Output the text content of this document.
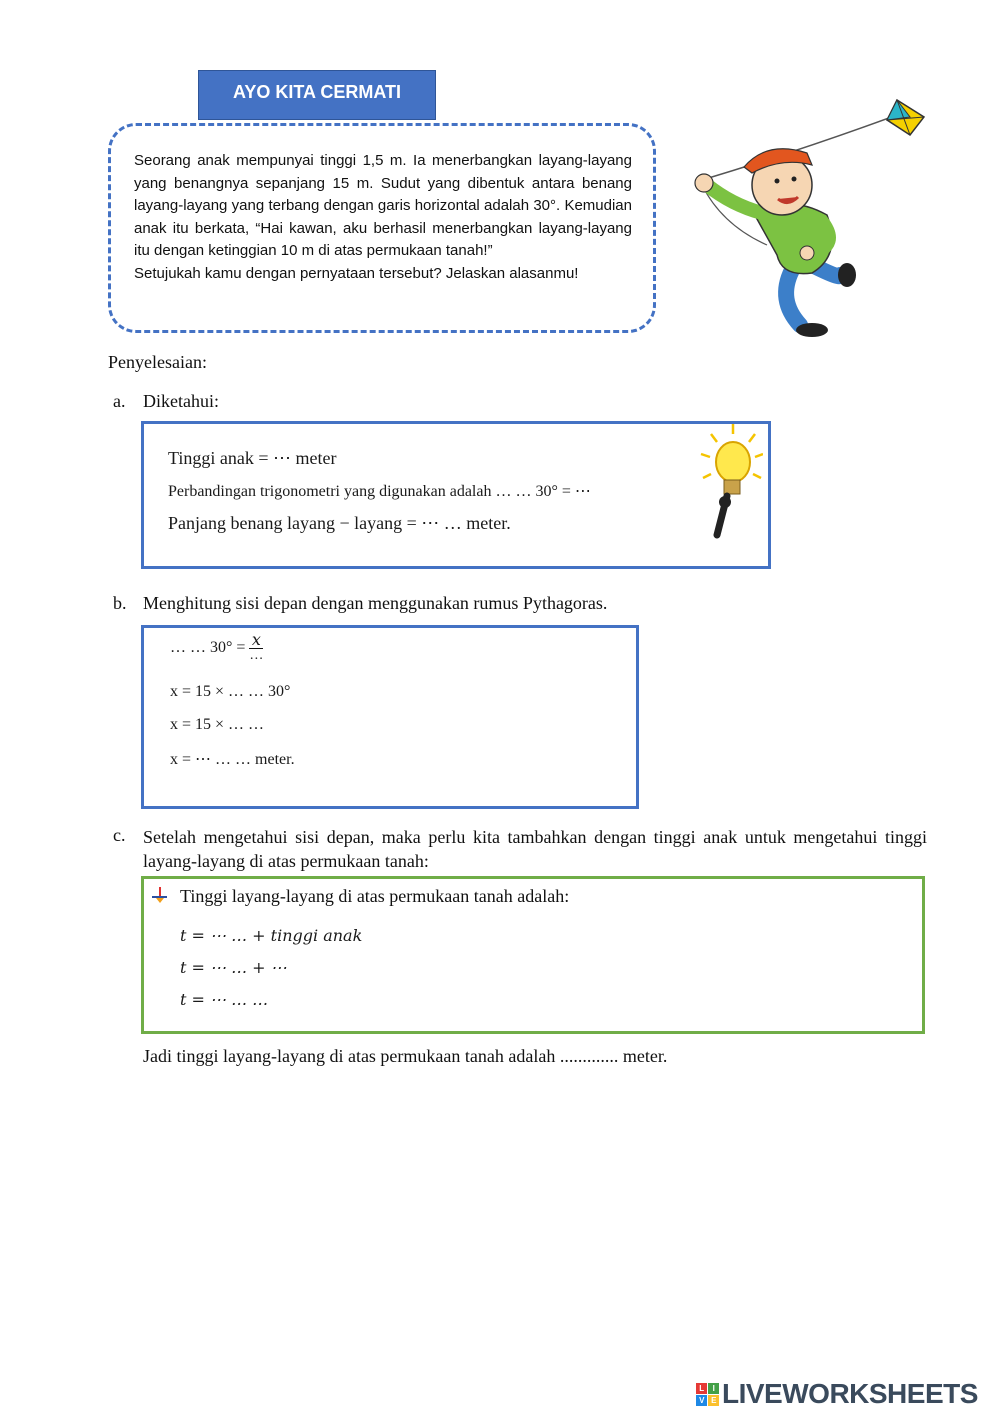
AYO KITA CERMATI

Seorang anak mempunyai tinggi 1,5 m. Ia menerbangkan layang-layang yang benangnya sepanjang 15 m. Sudut yang dibentuk antara benang layang-layang yang terbang dengan garis horizontal adalah 30°. Kemudian anak itu berkata, “Hai kawan, aku berhasil menerbangkan layang-layang itu dengan ketinggian 10 m di atas permukaan tanah!”

Setujukah kamu dengan pernyataan tersebut? Jelaskan alasanmu!

Penyelesaian:
a. Diketahui:
Tinggi anak = ⋯ meter
Perbandingan trigonometri yang digunakan adalah … … 30° = ⋯
Panjang benang layang − layang = ⋯ … meter.
b. Menghitung sisi depan dengan menggunakan rumus Pythagoras.
… … $30^\circ = \frac{x}{\dots}$
x = 15 × … … 30°
x = 15 × … …
x = ⋯ … … meter.
c. Setelah mengetahui sisi depan, maka perlu kita tambahkan dengan tinggi anak untuk mengetahui tinggi layang-layang di atas permukaan tanah:
Tinggi layang-layang di atas permukaan tanah adalah:
t = ⋯ … + tinggi anak
t = ⋯ … + ⋯
t = ⋯ … …
Jadi tinggi layang-layang di atas permukaan tanah adalah ............. meter.
L	I
V E LIVEWORKSHEETS
